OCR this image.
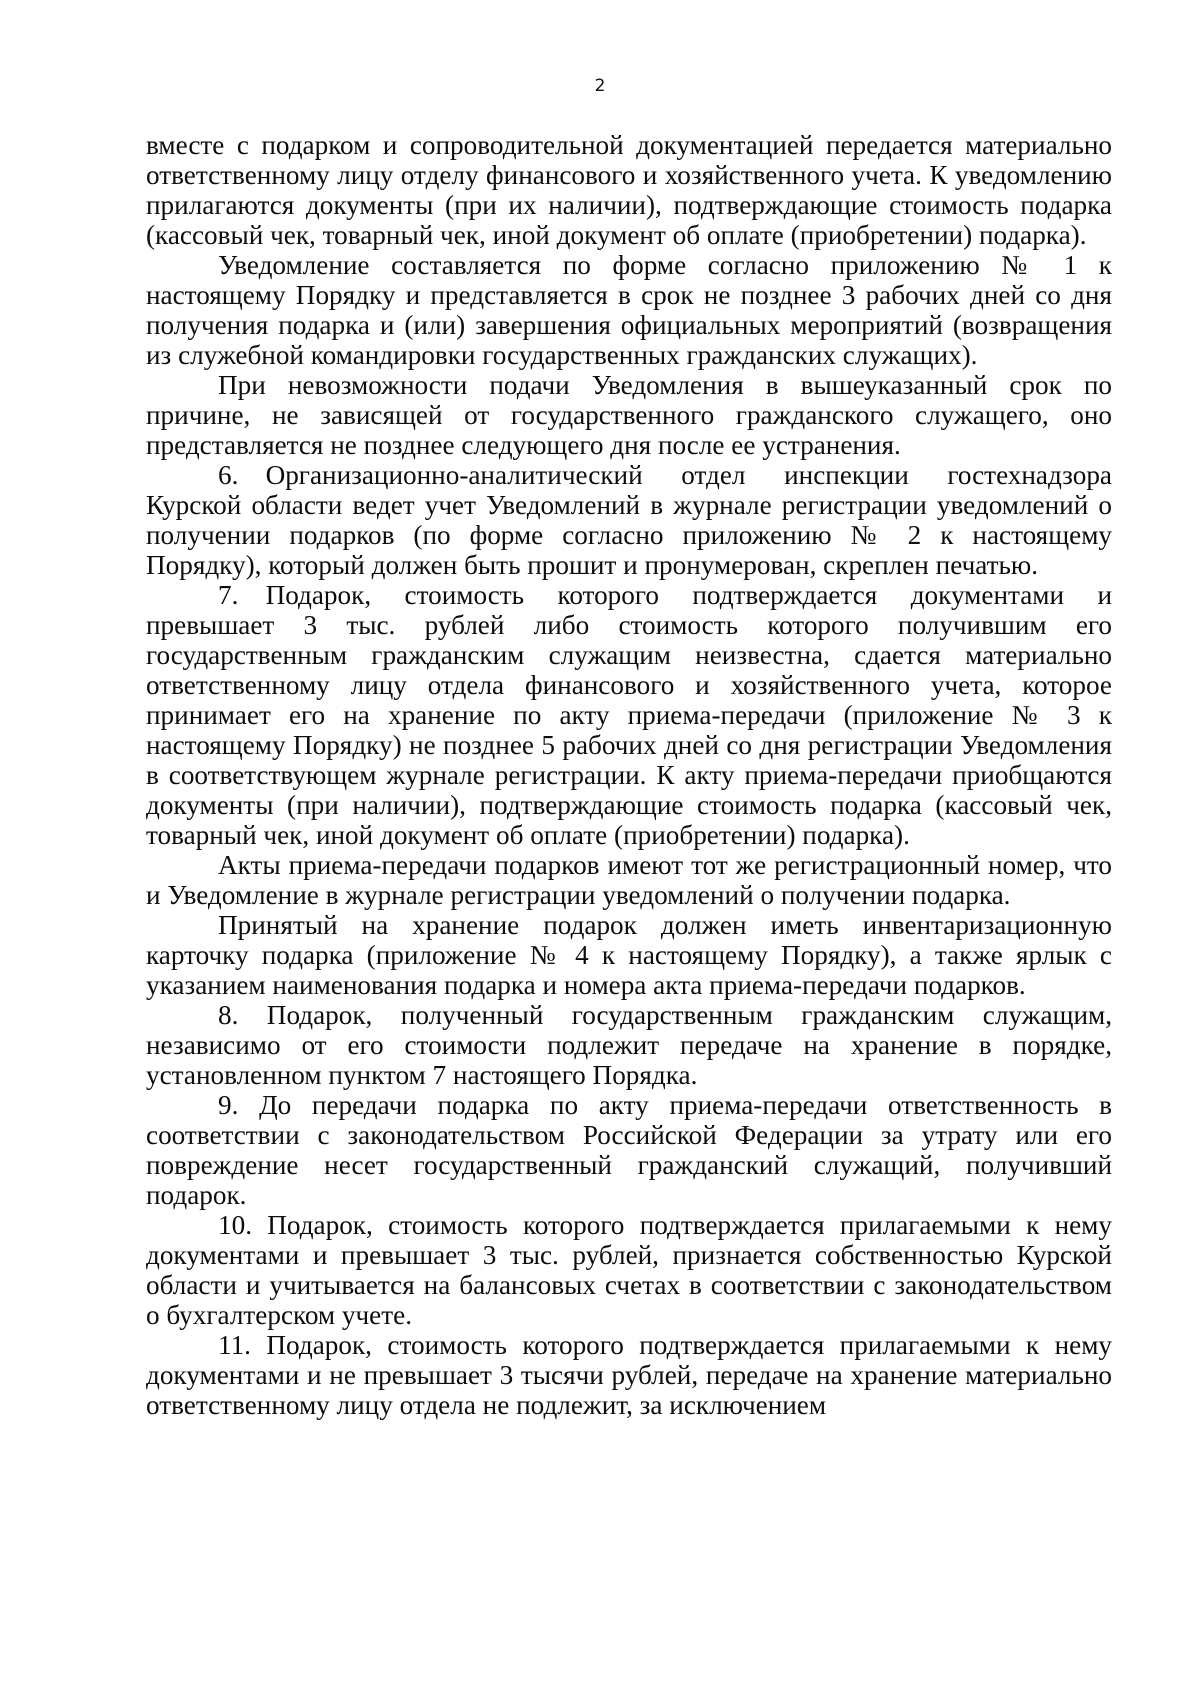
2

вместе с подарком и сопроводительной документацией передается материально ответственному лицу отделу финансового и хозяйственного учета. К уведомлению прилагаются документы (при их наличии), подтверждающие стоимость подарка (кассовый чек, товарный чек, иной документ об оплате (приобретении) подарка).

Уведомление составляется по форме согласно приложению № 1 к настоящему Порядку и представляется в срок не позднее 3 рабочих дней со дня получения подарка и (или) завершения официальных мероприятий (возвращения из служебной командировки государственных гражданских служащих).

При невозможности подачи Уведомления в вышеуказанный срок по причине, не зависящей от государственного гражданского служащего, оно представляется не позднее следующего дня после ее устранения.

6. Организационно-аналитический отдел инспекции гостехнадзора Курской области ведет учет Уведомлений в журнале регистрации уведомлений о получении подарков (по форме согласно приложению № 2 к настоящему Порядку), который должен быть прошит и пронумерован, скреплен печатью.

7. Подарок, стоимость которого подтверждается документами и превышает 3 тыс. рублей либо стоимость которого получившим его государственным гражданским служащим неизвестна, сдается материально ответственному лицу отдела финансового и хозяйственного учета, которое принимает его на хранение по акту приема-передачи (приложение № 3 к настоящему Порядку) не позднее 5 рабочих дней со дня регистрации Уведомления в соответствующем журнале регистрации. К акту приема-передачи приобщаются документы (при наличии), подтверждающие стоимость подарка (кассовый чек, товарный чек, иной документ об оплате (приобретении) подарка).

Акты приема-передачи подарков имеют тот же регистрационный номер, что и Уведомление в журнале регистрации уведомлений о получении подарка.

Принятый на хранение подарок должен иметь инвентаризационную карточку подарка (приложение № 4 к настоящему Порядку), а также ярлык с указанием наименования подарка и номера акта приема-передачи подарков.

8. Подарок, полученный государственным гражданским служащим, независимо от его стоимости подлежит передаче на хранение в порядке, установленном пунктом 7 настоящего Порядка.

9. До передачи подарка по акту приема-передачи ответственность в соответствии с законодательством Российской Федерации за утрату или его повреждение несет государственный гражданский служащий, получивший подарок.

10. Подарок, стоимость которого подтверждается прилагаемыми к нему документами и превышает 3 тыс. рублей, признается собственностью Курской области и учитывается на балансовых счетах в соответствии с законодательством о бухгалтерском учете.

11. Подарок, стоимость которого подтверждается прилагаемыми к нему документами и не превышает 3 тысячи рублей, передаче на хранение материально ответственному лицу отдела не подлежит, за исключением
